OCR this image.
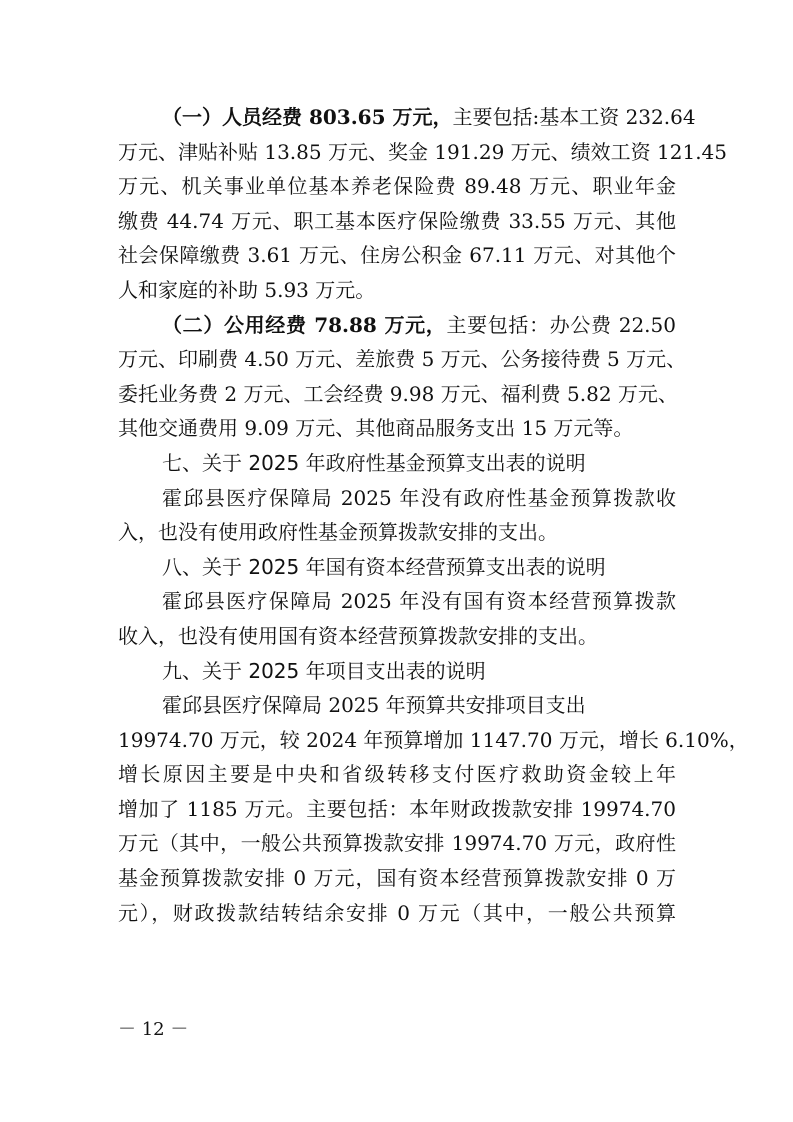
（一）人员经费 803.65 万元，主要包括:基本工资 232.64
万元、津贴补贴 13.85 万元、奖金 191.29 万元、绩效工资 121.45
万元、机关事业单位基本养老保险费 89.48 万元、职业年金
缴费 44.74 万元、职工基本医疗保险缴费 33.55 万元、其他
社会保障缴费 3.61 万元、住房公积金 67.11 万元、对其他个
人和家庭的补助 5.93 万元。
（二）公用经费 78.88 万元，主要包括：办公费 22.50
万元、印刷费 4.50 万元、差旅费 5 万元、公务接待费 5 万元、
委托业务费 2 万元、工会经费 9.98 万元、福利费 5.82 万元、
其他交通费用 9.09 万元、其他商品服务支出 15 万元等。
七、关于 2025 年政府性基金预算支出表的说明
霍邱县医疗保障局 2025 年没有政府性基金预算拨款收
入，也没有使用政府性基金预算拨款安排的支出。
八、关于 2025 年国有资本经营预算支出表的说明
霍邱县医疗保障局 2025 年没有国有资本经营预算拨款
收入，也没有使用国有资本经营预算拨款安排的支出。
九、关于 2025 年项目支出表的说明
霍邱县医疗保障局 2025 年预算共安排项目支出
19974.70 万元，较 2024 年预算增加 1147.70 万元，增长 6.10%，
增长原因主要是中央和省级转移支付医疗救助资金较上年
增加了 1185 万元。主要包括：本年财政拨款安排 19974.70
万元（其中，一般公共预算拨款安排 19974.70 万元，政府性
基金预算拨款安排 0 万元，国有资本经营预算拨款安排 0 万
元），财政拨款结转结余安排 0 万元（其中，一般公共预算
－ 12 －
